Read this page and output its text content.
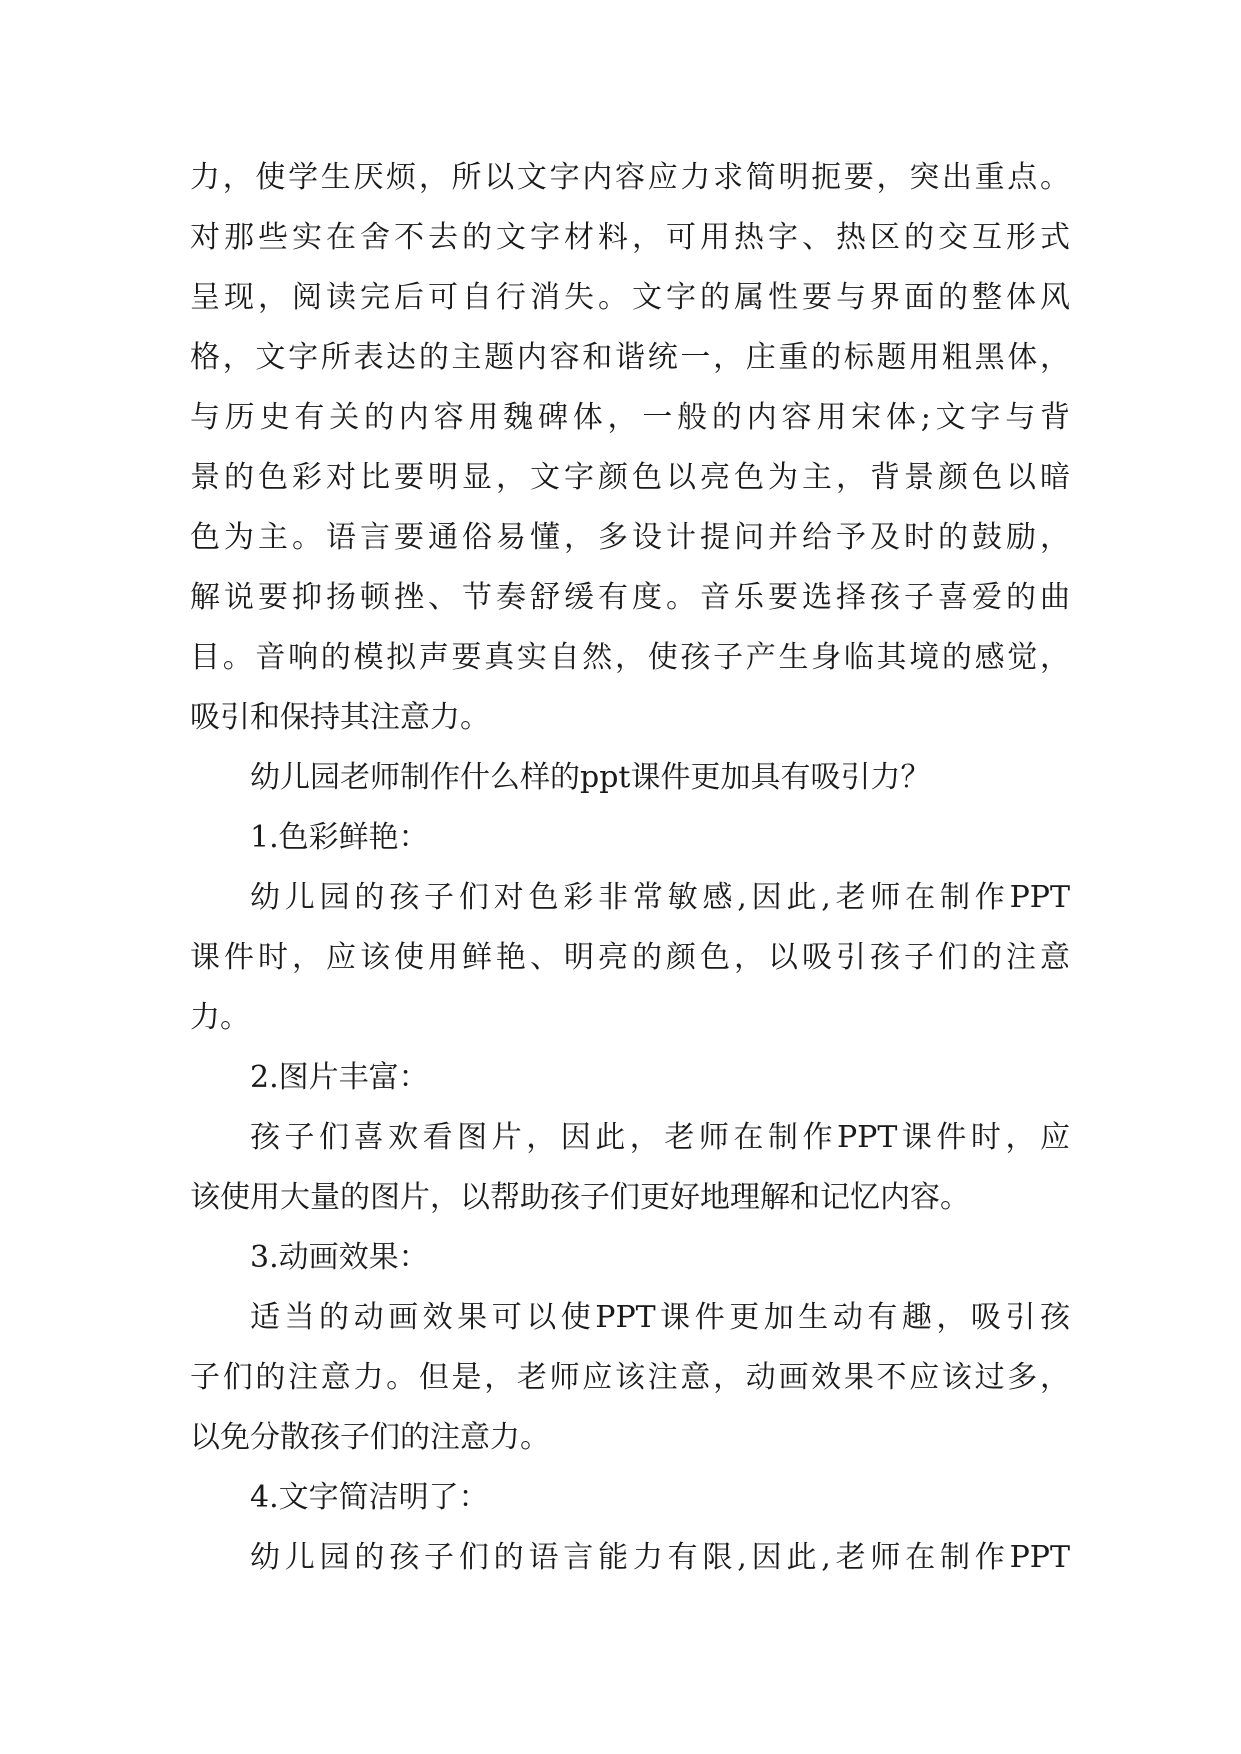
力，使学生厌烦，所以文字内容应力求简明扼要，突出重点。
对那些实在舍不去的文字材料，可用热字、热区的交互形式
呈现，阅读完后可自行消失。文字的属性要与界面的整体风
格，文字所表达的主题内容和谐统一，庄重的标题用粗黑体，
与历史有关的内容用魏碑体，一般的内容用宋体;文字与背
景的色彩对比要明显，文字颜色以亮色为主，背景颜色以暗
色为主。语言要通俗易懂，多设计提问并给予及时的鼓励，
解说要抑扬顿挫、节奏舒缓有度。音乐要选择孩子喜爱的曲
目。音响的模拟声要真实自然，使孩子产生身临其境的感觉，
吸引和保持其注意力。
幼儿园老师制作什么样的ppt课件更加具有吸引力？
1.色彩鲜艳：
幼儿园的孩子们对色彩非常敏感,因此,老师在制作PPT
课件时，应该使用鲜艳、明亮的颜色，以吸引孩子们的注意
力。
2.图片丰富：
孩子们喜欢看图片，因此，老师在制作PPT课件时，应
该使用大量的图片，以帮助孩子们更好地理解和记忆内容。
3.动画效果：
适当的动画效果可以使PPT课件更加生动有趣，吸引孩
子们的注意力。但是，老师应该注意，动画效果不应该过多，
以免分散孩子们的注意力。
4.文字简洁明了：
幼儿园的孩子们的语言能力有限,因此,老师在制作PPT
